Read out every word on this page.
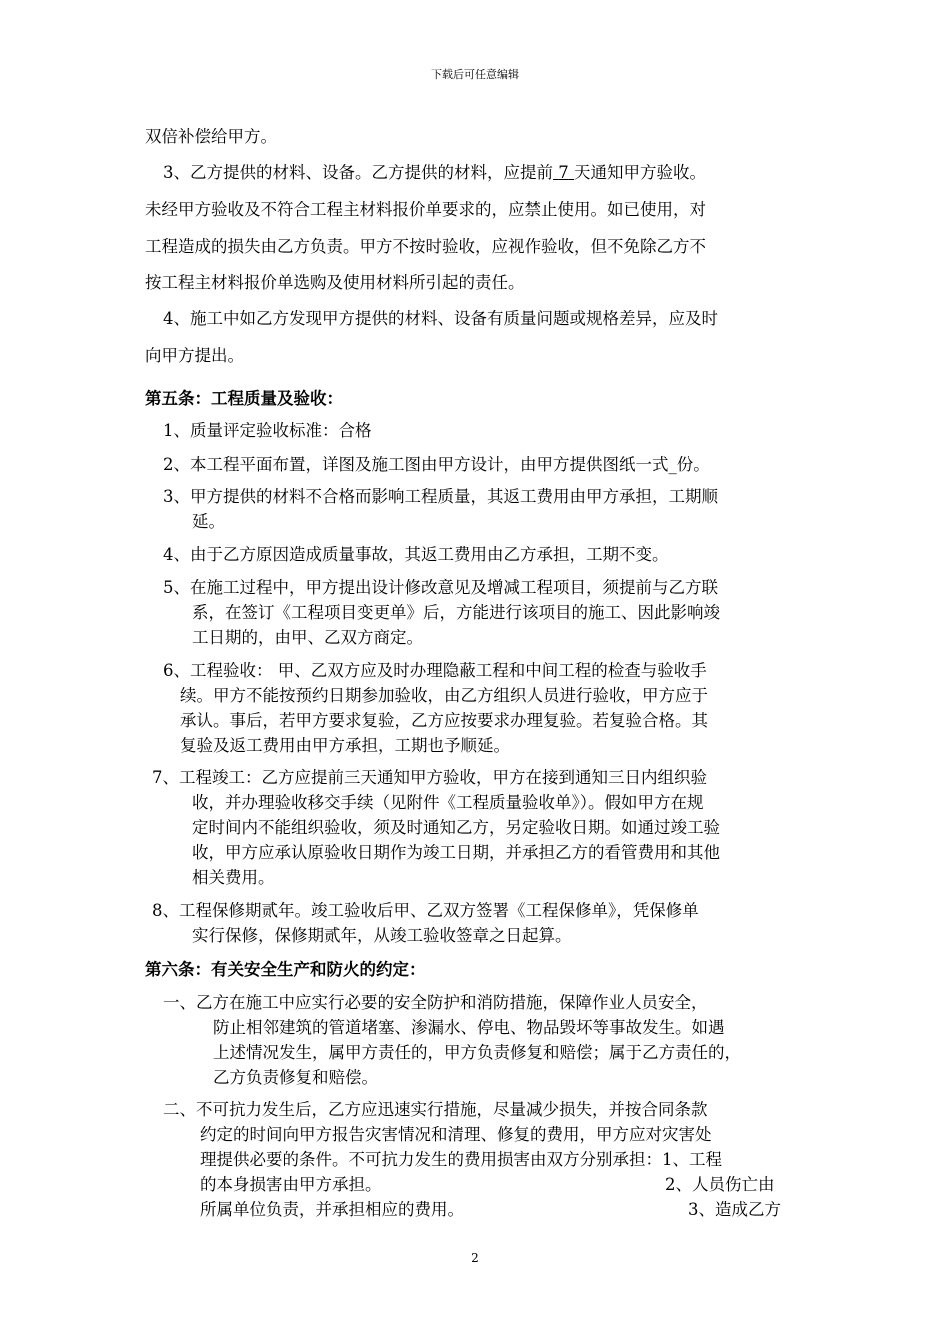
下载后可任意编辑
双倍补偿给甲方。
3、乙方提供的材料、设备。乙方提供的材料，应提前 7 天通知甲方验收。
未经甲方验收及不符合工程主材料报价单要求的，应禁止使用。如已使用，对
工程造成的损失由乙方负责。甲方不按时验收，应视作验收，但不免除乙方不
按工程主材料报价单选购及使用材料所引起的责任。
4、施工中如乙方发现甲方提供的材料、设备有质量问题或规格差异，应及时
向甲方提出。
第五条：工程质量及验收：
1、质量评定验收标准：合格
2、本工程平面布置，详图及施工图由甲方设计，由甲方提供图纸一式_份。
3、甲方提供的材料不合格而影响工程质量，其返工费用由甲方承担，工期顺
延。
4、由于乙方原因造成质量事故，其返工费用由乙方承担，工期不变。
5、在施工过程中，甲方提出设计修改意见及增减工程项目，须提前与乙方联
系，在签订《工程项目变更单》后，方能进行该项目的施工、因此影响竣
工日期的，由甲、乙双方商定。
6、工程验收： 甲、乙双方应及时办理隐蔽工程和中间工程的检查与验收手
续。甲方不能按预约日期参加验收，由乙方组织人员进行验收，甲方应于
承认。事后，若甲方要求复验，乙方应按要求办理复验。若复验合格。其
复验及返工费用由甲方承担，工期也予顺延。
7、工程竣工：乙方应提前三天通知甲方验收，甲方在接到通知三日内组织验
收，并办理验收移交手续（见附件《工程质量验收单》）。假如甲方在规
定时间内不能组织验收，须及时通知乙方，另定验收日期。如通过竣工验
收，甲方应承认原验收日期作为竣工日期，并承担乙方的看管费用和其他
相关费用。
8、工程保修期贰年。竣工验收后甲、乙双方签署《工程保修单》，凭保修单
实行保修，保修期贰年，从竣工验收签章之日起算。
第六条：有关安全生产和防火的约定：
一、乙方在施工中应实行必要的安全防护和消防措施，保障作业人员安全，
防止相邻建筑的管道堵塞、渗漏水、停电、物品毁坏等事故发生。如遇
上述情况发生，属甲方责任的，甲方负责修复和赔偿；属于乙方责任的，
乙方负责修复和赔偿。
二、不可抗力发生后，乙方应迅速实行措施，尽量减少损失，并按合同条款
约定的时间向甲方报告灾害情况和清理、修复的费用，甲方应对灾害处
理提供必要的条件。不可抗力发生的费用损害由双方分别承担：1、工程
的本身损害由甲方承担。	2、人员伤亡由
所属单位负责，并承担相应的费用。	3、造成乙方
2
